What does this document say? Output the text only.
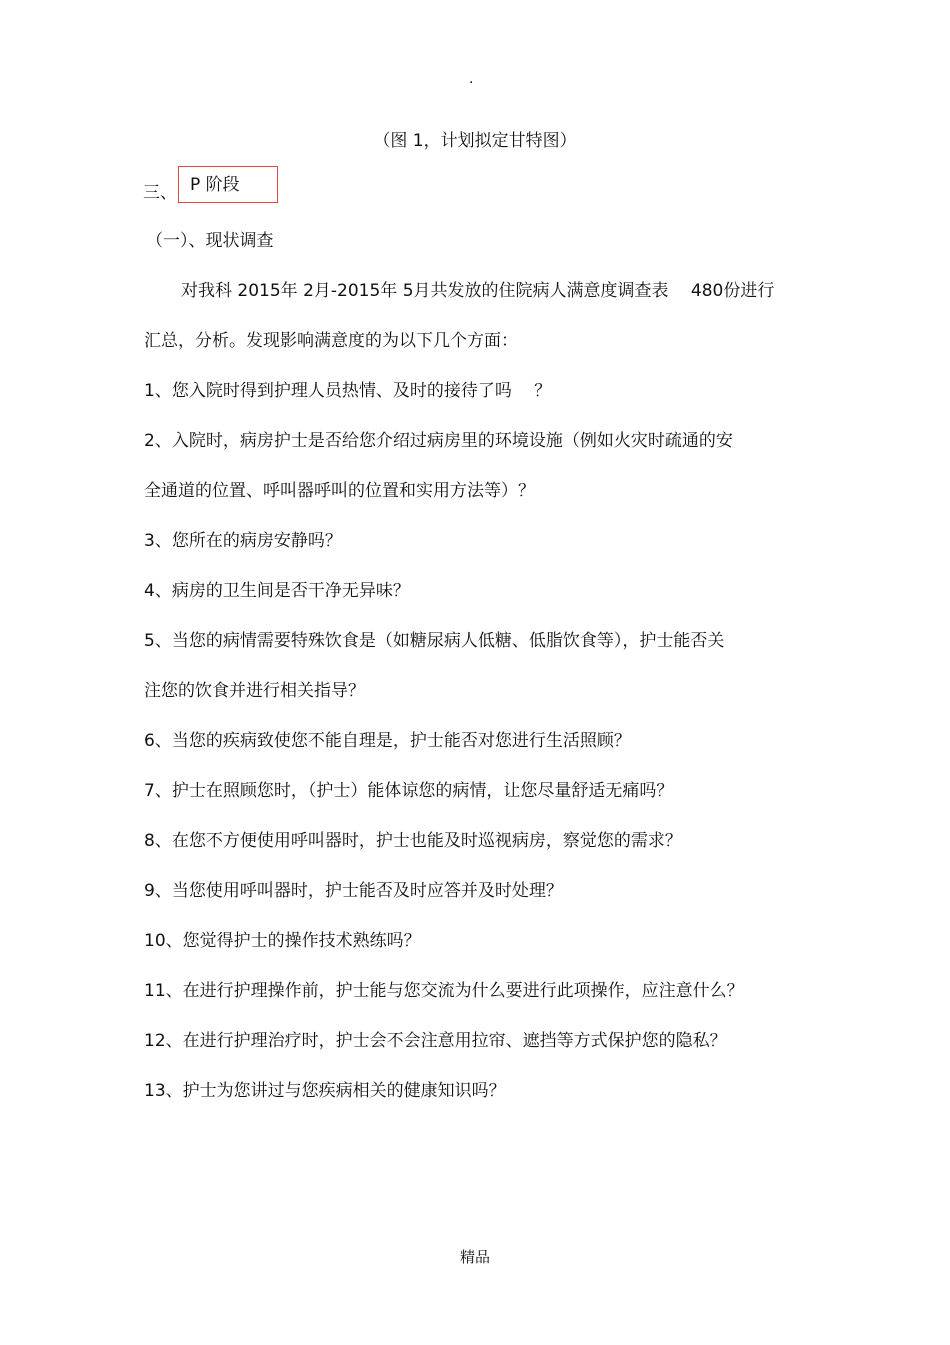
.
（图 1，计划拟定甘特图）
三、 P 阶段
（一）、现状调查
对我科 2015年 2月-2015年 5月共发放的住院病人满意度调查表　 480份进行
汇总，分析。发现影响满意度的为以下几个方面：
1、您入院时得到护理人员热情、及时的接待了吗　 ？
2、入院时，病房护士是否给您介绍过病房里的环境设施（例如火灾时疏通的安
全通道的位置、呼叫器呼叫的位置和实用方法等）？
3、您所在的病房安静吗？
4、病房的卫生间是否干净无异味？
5、当您的病情需要特殊饮食是（如糖尿病人低糖、低脂饮食等），护士能否关
注您的饮食并进行相关指导？
6、当您的疾病致使您不能自理是，护士能否对您进行生活照顾？
7、护士在照顾您时，（护士）能体谅您的病情，让您尽量舒适无痛吗？
8、在您不方便使用呼叫器时，护士也能及时巡视病房，察觉您的需求？
9、当您使用呼叫器时，护士能否及时应答并及时处理？
10、您觉得护士的操作技术熟练吗？
11、在进行护理操作前，护士能与您交流为什么要进行此项操作，应注意什么？
12、在进行护理治疗时，护士会不会注意用拉帘、遮挡等方式保护您的隐私？
13、护士为您讲过与您疾病相关的健康知识吗？
精品
